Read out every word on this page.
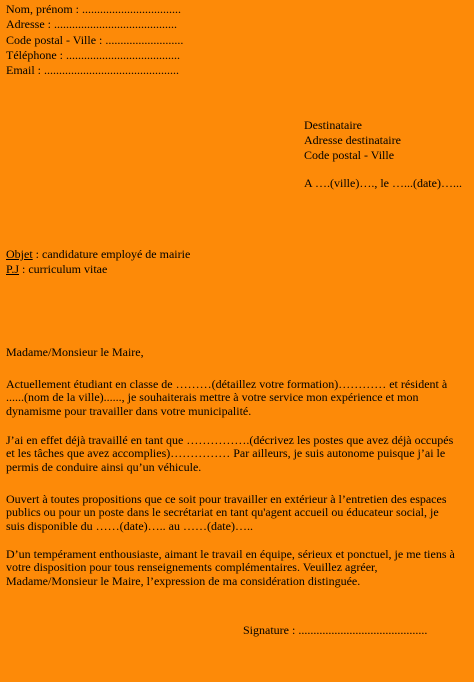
Nom, prénom : .................................
Adresse : .........................................
Code postal - Ville : ..........................
Téléphone : ......................................
Email : .............................................
Destinataire
Adresse destinataire
Code postal - Ville
A ….(ville)…., le …...(date)…...
Objet : candidature employé de mairie
P.J : curriculum vitae
Madame/Monsieur le Maire,
Actuellement étudiant en classe de ………(détaillez votre formation)………… et résident à
......(nom de la ville)......, je souhaiterais mettre à votre service mon expérience et mon
dynamisme pour travailler dans votre municipalité.
J’ai en effet déjà travaillé en tant que …………….(décrivez les postes que avez déjà occupés
et les tâches que avez accomplies)…………… Par ailleurs, je suis autonome puisque j’ai le
permis de conduire ainsi qu’un véhicule.
Ouvert à toutes propositions que ce soit pour travailler en extérieur à l’entretien des espaces
publics ou pour un poste dans le secrétariat en tant qu'agent accueil ou éducateur social, je
suis disponible du ……(date)….. au ……(date)…..
D’un tempérament enthousiaste, aimant le travail en équipe, sérieux et ponctuel, je me tiens à
votre disposition pour tous renseignements complémentaires. Veuillez agréer,
Madame/Monsieur le Maire, l’expression de ma considération distinguée.
Signature : ...........................................
